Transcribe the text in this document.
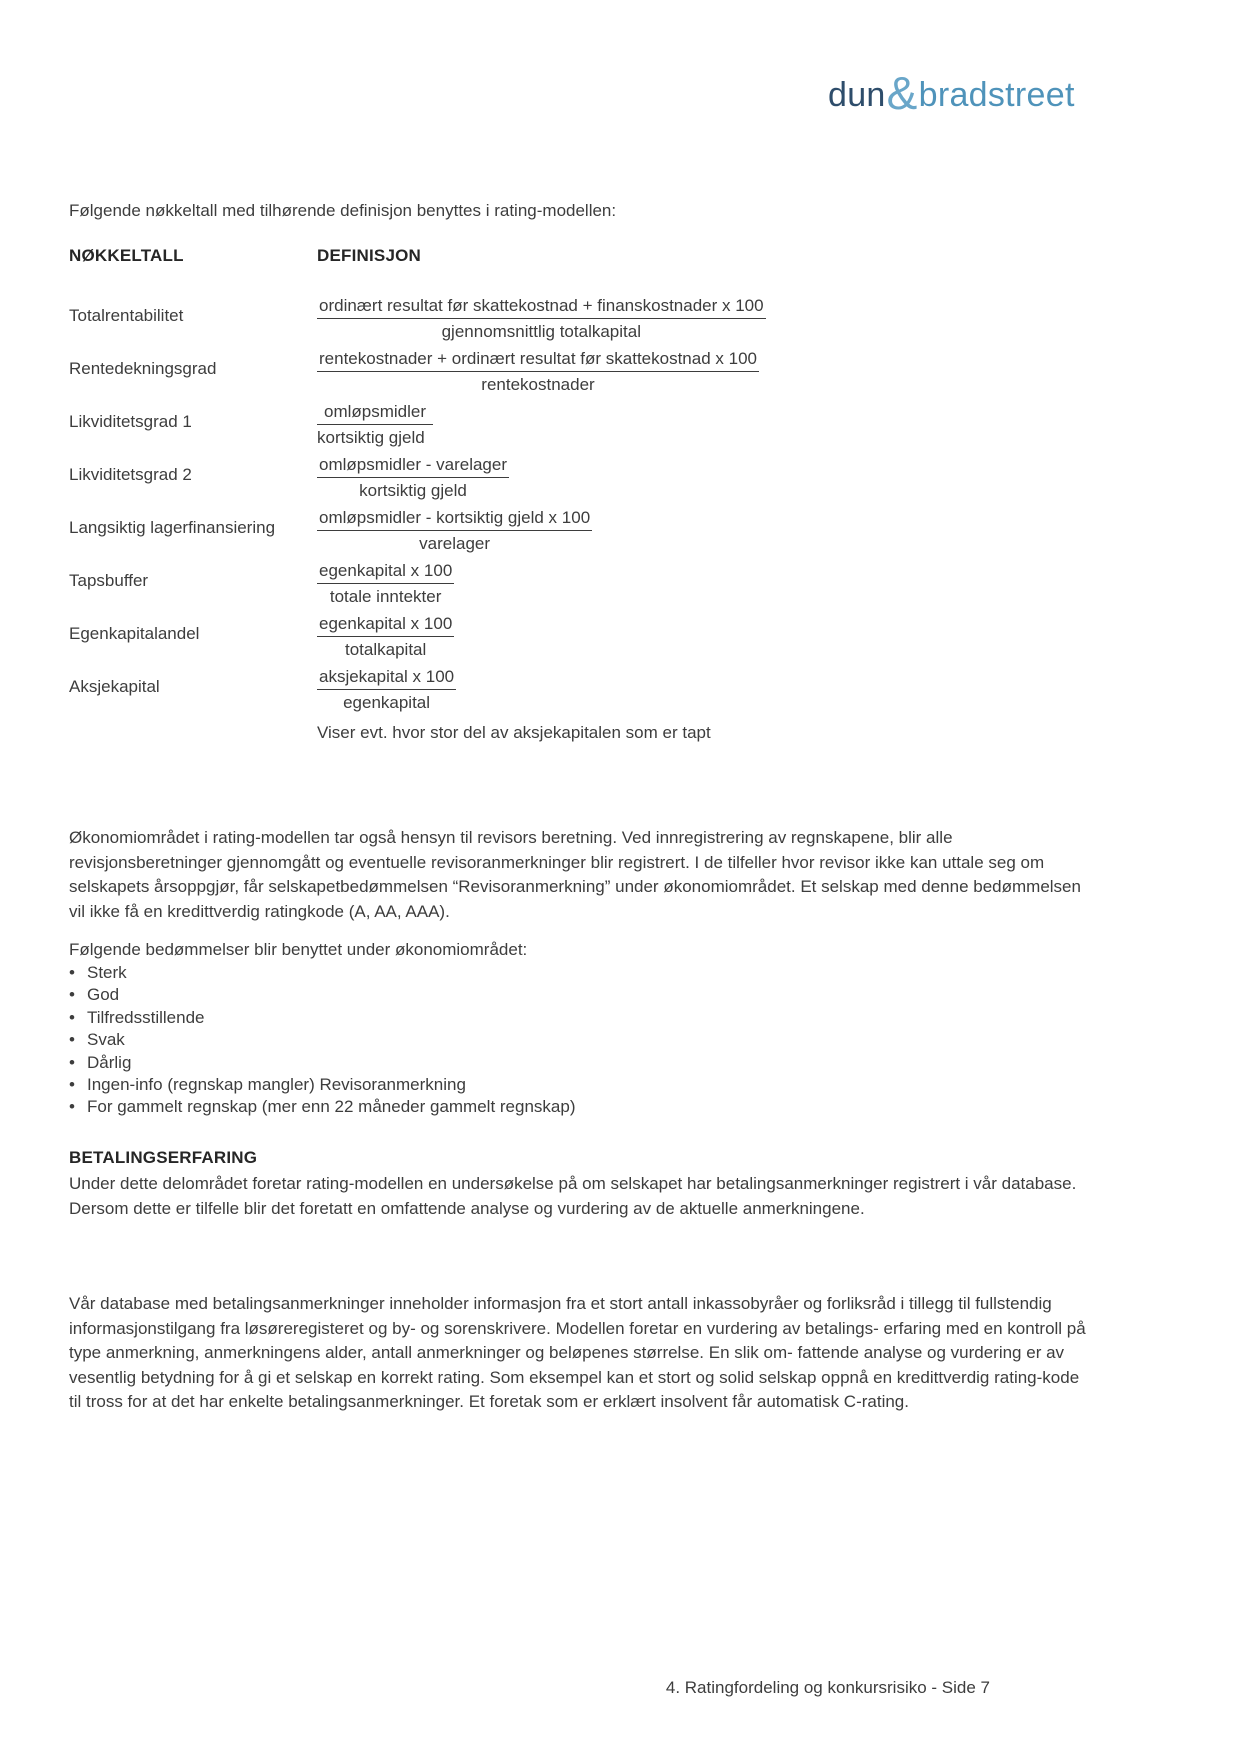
dun&bradstreet
Følgende nøkkeltall med tilhørende definisjon benyttes i rating-modellen:
NØKKELTALL	DEFINISJON
Totalrentabilitet	$\frac{\text{ordinært resultat før skattekostnad + finanskostnader x 100}}{\text{gjennomsnittlig totalkapital}}$
Rentedekningsgrad	$\frac{\text{rentekostnader + ordinært resultat før skattekostnad x 100}}{\text{rentekostnader}}$
Likviditetsgrad 1	$\frac{\text{omløpsmidler}}{\text{kortsiktig gjeld}}$
Likviditetsgrad 2	$\frac{\text{omløpsmidler - varelager}}{\text{kortsiktig gjeld}}$
Langsiktig lagerfinansiering	$\frac{\text{omløpsmidler - kortsiktig gjeld x 100}}{\text{varelager}}$
Tapsbuffer	$\frac{\text{egenkapital x 100}}{\text{totale inntekter}}$
Egenkapitalandel	$\frac{\text{egenkapital x 100}}{\text{totalkapital}}$
Aksjekapital	$\frac{\text{aksjekapital x 100}}{\text{egenkapital}}$
Viser evt. hvor stor del av aksjekapitalen som er tapt
Økonomiområdet i rating-modellen tar også hensyn til revisors beretning. Ved innregistrering av regnskapene, blir alle revisjonsberetninger gjennomgått og eventuelle revisoranmerkninger blir registrert. I de tilfeller hvor revisor ikke kan uttale seg om selskapets årsoppgjør, får selskapetbedømmelsen “Revisoranmerkning” under økonomiområdet. Et selskap med denne bedømmelsen vil ikke få en kredittverdig ratingkode (A, AA, AAA).
Følgende bedømmelser blir benyttet under økonomiområdet:
• Sterk
• God
• Tilfredsstillende
• Svak
• Dårlig
• Ingen-info (regnskap mangler) Revisoranmerkning
• For gammelt regnskap (mer enn 22 måneder gammelt regnskap)
BETALINGSERFARING
Under dette delområdet foretar rating-modellen en undersøkelse på om selskapet har betalingsanmerkninger registrert i vår database. Dersom dette er tilfelle blir det foretatt en omfattende analyse og vurdering av de aktuelle anmerkningene.
Vår database med betalingsanmerkninger inneholder informasjon fra et stort antall inkassobyråer og forliksråd i tillegg til fullstendig informasjonstilgang fra løsøreregisteret og by- og sorenskrivere. Modellen foretar en vurdering av betalings- erfaring med en kontroll på type anmerkning, anmerkningens alder, antall anmerkninger og beløpenes størrelse. En slik om- fattende analyse og vurdering er av vesentlig betydning for å gi et selskap en korrekt rating. Som eksempel kan et stort og solid selskap oppnå en kredittverdig rating-kode til tross for at det har enkelte betalingsanmerkninger. Et foretak som er erklært insolvent får automatisk C-rating.
4. Ratingfordeling og konkursrisiko - Side 7
